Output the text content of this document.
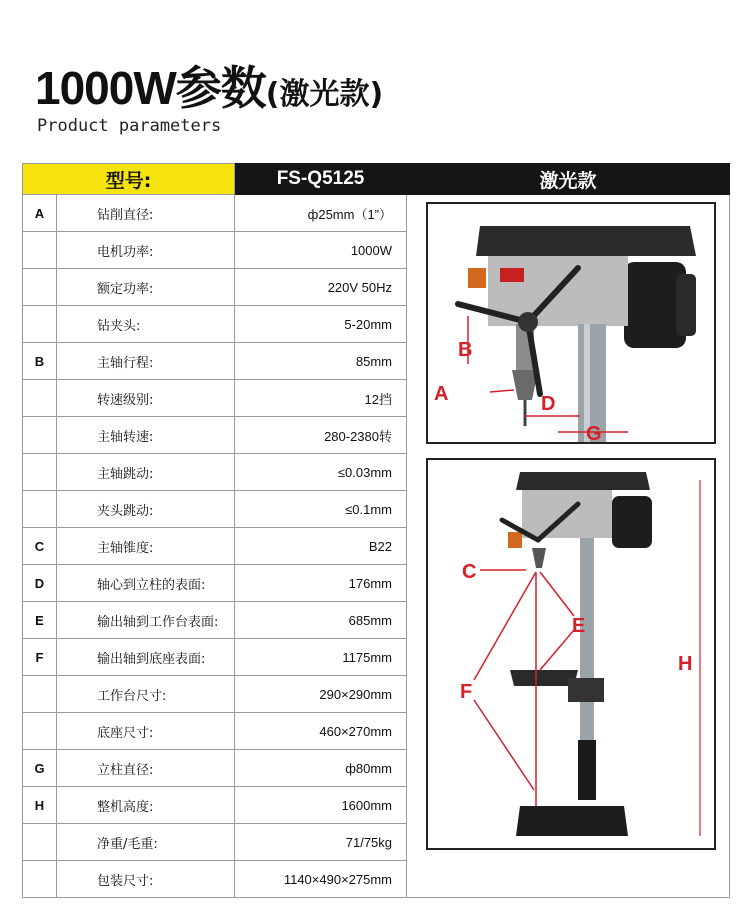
1000W参数(激光款)
Product parameters
型号:		FS-Q5125	激光款
A	钻削直径:	ф25mm（1”）	
	电机功率:	1000W	
	额定功率:	220V 50Hz	
	钻夹头:	5-20mm	
B	主轴行程:	85mm	
	转速级别:	12挡	
	主轴转速:	280-2380转	
	主轴跳动:	≤0.03mm	
	夹头跳动:	≤0.1mm	
C	主轴锥度:	B22	
D	轴心到立柱的表面:	176mm	
E	输出轴到工作台表面:	685mm	
F	输出轴到底座表面:	1175mm	
	工作台尺寸:	290×290mm	
	底座尺寸:	460×270mm	
G	立柱直径:	ф80mm	
H	整机高度:	1600mm	
	净重/毛重:	71/75kg	
	包装尺寸:	1140×490×275mm	
B
A	D
G
C
E
F
H
